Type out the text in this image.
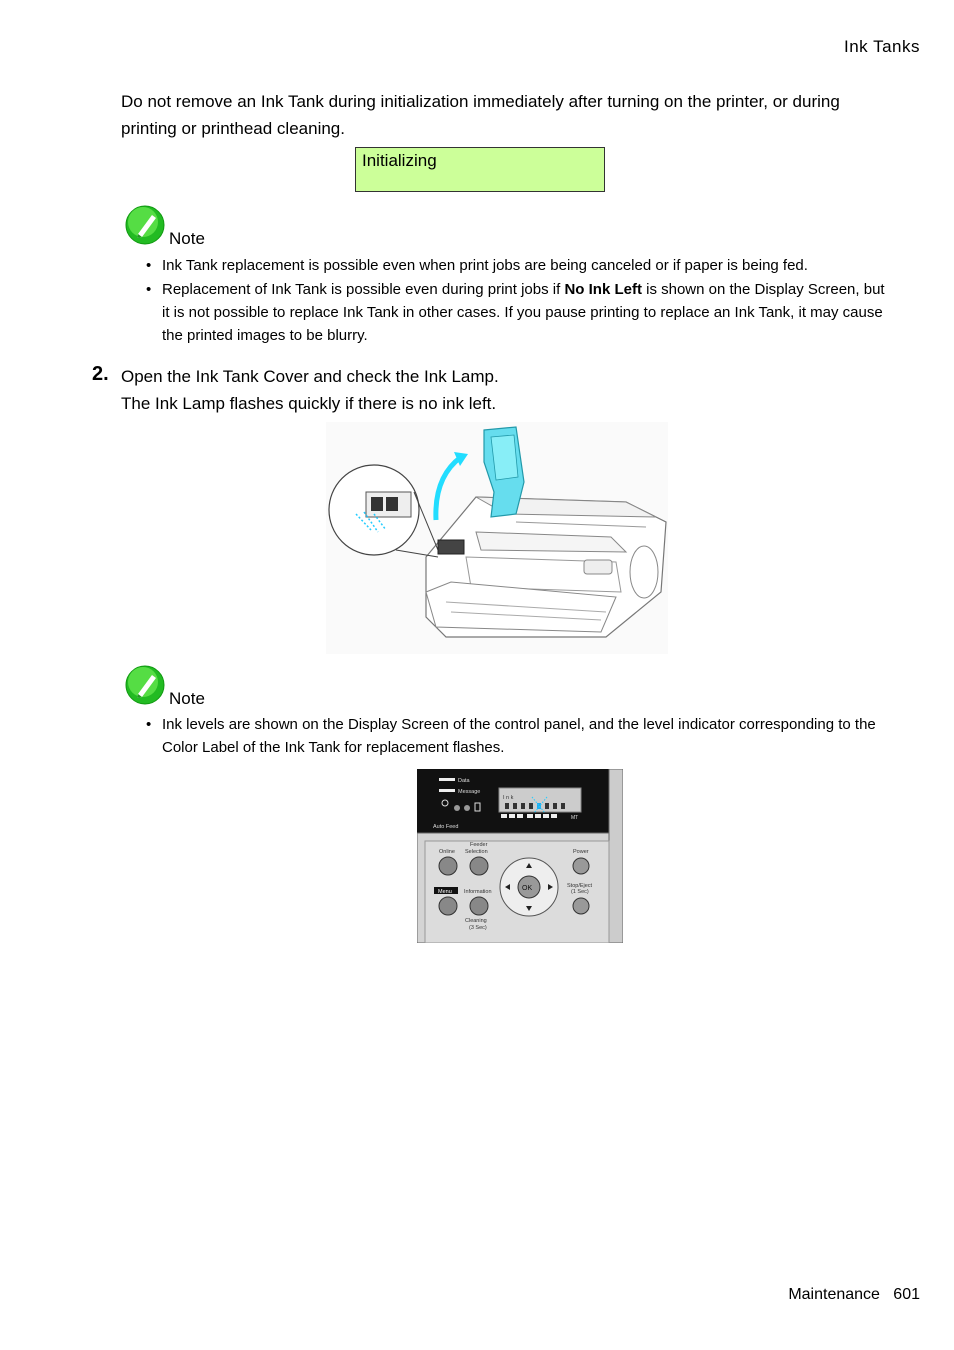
Ink Tanks
Do not remove an Ink Tank during initialization immediately after turning on the printer, or during printing or printhead cleaning.
Initializing
Note
• Ink Tank replacement is possible even when print jobs are being canceled or if paper is being fed.
• Replacement of Ink Tank is possible even during print jobs if No Ink Left is shown on the Display Screen, but it is not possible to replace Ink Tank in other cases. If you pause printing to replace an Ink Tank, it may cause the printed images to be blurry.
2. Open the Ink Tank Cover and check the Ink Lamp.
The Ink Lamp flashes quickly if there is no ink left.
Note
• Ink levels are shown on the Display Screen of the control panel, and the level indicator corresponding to the Color Label of the Ink Tank for replacement flashes.
Data
Message
Auto Feed
I n k
MT
Online
Feeder
Selection	Power
Menu Information
Cleaning
(3 Sec)
OK	Stop/Eject
(1 Sec)
Maintenance 601
